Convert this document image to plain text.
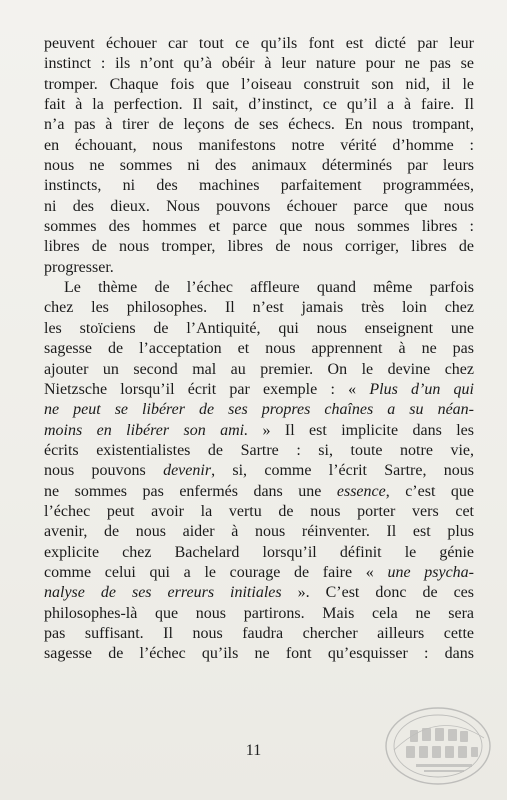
peuvent échouer car tout ce qu’ils font est dicté par leur
instinct : ils n’ont qu’à obéir à leur nature pour ne pas se
tromper. Chaque fois que l’oiseau construit son nid, il le
fait à la perfection. Il sait, d’instinct, ce qu’il a à faire. Il
n’a pas à tirer de leçons de ses échecs. En nous trompant,
en échouant, nous manifestons notre vérité d’homme :
nous ne sommes ni des animaux déterminés par leurs
instincts, ni des machines parfaitement programmées,
ni des dieux. Nous pouvons échouer parce que nous
sommes des hommes et parce que nous sommes libres :
libres de nous tromper, libres de nous corriger, libres de
progresser.
Le thème de l’échec affleure quand même parfois
chez les philosophes. Il n’est jamais très loin chez
les stoïciens de l’Antiquité, qui nous enseignent une
sagesse de l’acceptation et nous apprennent à ne pas
ajouter un second mal au premier. On le devine chez
Nietzsche lorsqu’il écrit par exemple : « Plus d’un qui
ne peut se libérer de ses propres chaînes a su néan-
moins en libérer son ami. » Il est implicite dans les
écrits existentialistes de Sartre : si, toute notre vie,
nous pouvons devenir, si, comme l’écrit Sartre, nous
ne sommes pas enfermés dans une essence, c’est que
l’échec peut avoir la vertu de nous porter vers cet
avenir, de nous aider à nous réinventer. Il est plus
explicite chez Bachelard lorsqu’il définit le génie
comme celui qui a le courage de faire « une psycha-
nalyse de ses erreurs initiales ». C’est donc de ces
philosophes-là que nous partirons. Mais cela ne sera
pas suffisant. Il nous faudra chercher ailleurs cette
sagesse de l’échec qu’ils ne font qu’esquisser : dans
11
